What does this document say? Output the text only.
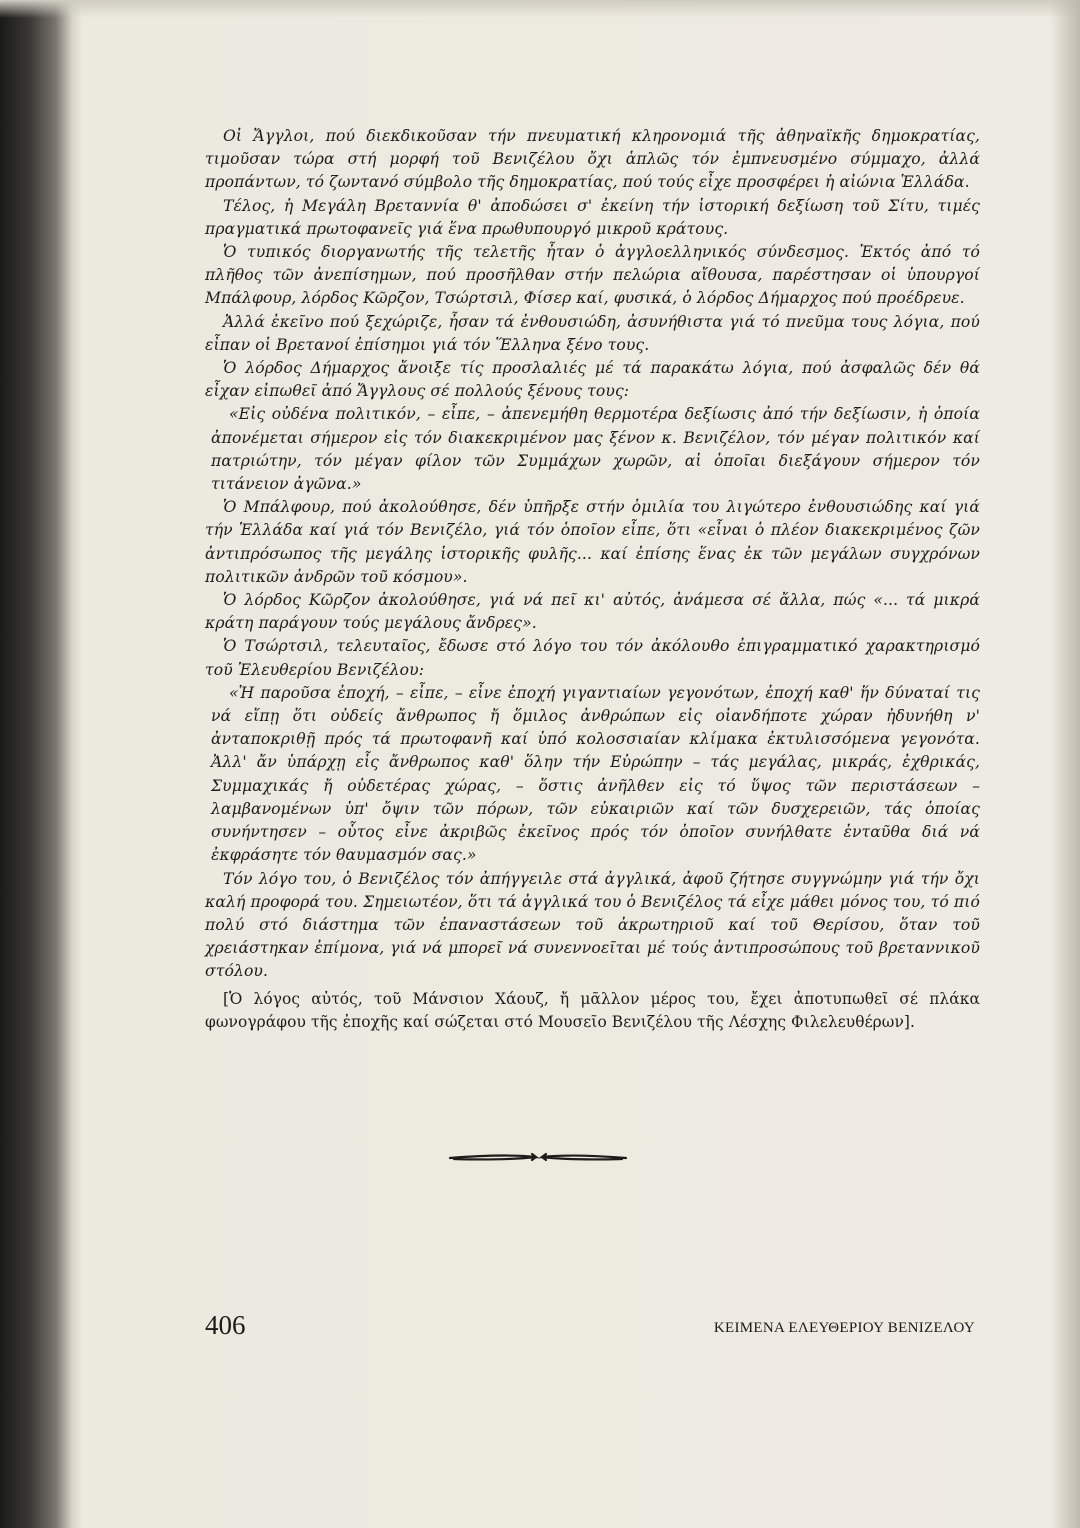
Οἱ Ἄγγλοι, πού διεκδικοῦσαν τήν πνευματική κληρονομιά τῆς ἀθηναϊκῆς δημοκρατίας, τιμοῦσαν τώρα στή μορφή τοῦ Βενιζέλου ὄχι ἁπλῶς τόν ἐμπνευσμένο σύμμαχο, ἀλλά προπάντων, τό ζωντανό σύμβολο τῆς δημοκρατίας, πού τούς εἶχε προσφέρει ἡ αἰώνια Ἑλλάδα.

Τέλος, ἡ Μεγάλη Βρεταννία θ' ἀποδώσει σ' ἐκείνη τήν ἱστορική δεξίωση τοῦ Σίτυ, τιμές πραγματικά πρωτοφανεῖς γιά ἕνα πρωθυπουργό μικροῦ κράτους.

Ὁ τυπικός διοργανωτής τῆς τελετῆς ἦταν ὁ ἀγγλοελληνικός σύνδεσμος. Ἐκτός ἀπό τό πλῆθος τῶν ἀνεπίσημων, πού προσῆλθαν στήν πελώρια αἴθουσα, παρέστησαν οἱ ὑπουργοί Μπάλφουρ, λόρδος Κῶρζον, Τσώρτσιλ, Φίσερ καί, φυσικά, ὁ λόρδος Δήμαρχος πού προέδρευε.

Ἀλλά ἐκεῖνο πού ξεχώριζε, ἦσαν τά ἐνθουσιώδη, ἀσυνήθιστα γιά τό πνεῦμα τους λόγια, πού εἶπαν οἱ Βρετανοί ἐπίσημοι γιά τόν Ἕλληνα ξένο τους.

Ὁ λόρδος Δήμαρχος ἄνοιξε τίς προσλαλιές μέ τά παρακάτω λόγια, πού ἀσφαλῶς δέν θά εἶχαν εἰπωθεῖ ἀπό Ἄγγλους σέ πολλούς ξένους τους:

«Εἰς οὐδένα πολιτικόν, – εἶπε, – ἀπενεμήθη θερμοτέρα δεξίωσις ἀπό τήν δεξίωσιν, ἡ ὁποία ἀπονέμεται σήμερον εἰς τόν διακεκριμένον μας ξένον κ. Βενιζέλον, τόν μέγαν πολιτικόν καί πατριώτην, τόν μέγαν φίλον τῶν Συμμάχων χωρῶν, αἱ ὁποῖαι διεξάγουν σήμερον τόν τιτάνειον ἀγῶνα.»

Ὁ Μπάλφουρ, πού ἀκολούθησε, δέν ὑπῆρξε στήν ὁμιλία του λιγώτερο ἐνθουσιώδης καί γιά τήν Ἑλλάδα καί γιά τόν Βενιζέλο, γιά τόν ὁποῖον εἶπε, ὅτι «εἶναι ὁ πλέον διακεκριμένος ζῶν ἀντιπρόσωπος τῆς μεγάλης ἱστορικῆς φυλῆς... καί ἐπίσης ἕνας ἐκ τῶν μεγάλων συγχρόνων πολιτικῶν ἀνδρῶν τοῦ κόσμου».

Ὁ λόρδος Κῶρζον ἀκολούθησε, γιά νά πεῖ κι' αὐτός, ἀνάμεσα σέ ἄλλα, πώς «... τά μικρά κράτη παράγουν τούς μεγάλους ἄνδρες».

Ὁ Τσώρτσιλ, τελευταῖος, ἔδωσε στό λόγο του τόν ἀκόλουθο ἐπιγραμματικό χαρακτηρισμό τοῦ Ἐλευθερίου Βενιζέλου:

«Ἡ παροῦσα ἐποχή, – εἶπε, – εἶνε ἐποχή γιγαντιαίων γεγονότων, ἐποχή καθ' ἥν δύναταί τις νά εἴπῃ ὅτι οὐδείς ἄνθρωπος ἤ ὅμιλος ἀνθρώπων εἰς οἱανδήποτε χώραν ἠδυνήθη ν' ἀνταποκριθῇ πρός τά πρωτοφανῆ καί ὑπό κολοσσιαίαν κλίμακα ἐκτυλισσόμενα γεγονότα. Ἀλλ' ἄν ὑπάρχῃ εἷς ἄνθρωπος καθ' ὅλην τήν Εὐρώπην – τάς μεγάλας, μικράς, ἐχθρικάς, Συμμαχικάς ἤ οὐδετέρας χώρας, – ὅστις ἀνῆλθεν εἰς τό ὕψος τῶν περιστάσεων – λαμβανομένων ὑπ' ὄψιν τῶν πόρων, τῶν εὐκαιριῶν καί τῶν δυσχερειῶν, τάς ὁποίας συνήντησεν – οὗτος εἶνε ἀκριβῶς ἐκεῖνος πρός τόν ὁποῖον συνήλθατε ἐνταῦθα διά νά ἐκφράσητε τόν θαυμασμόν σας.»

Τόν λόγο του, ὁ Βενιζέλος τόν ἀπήγγειλε στά ἀγγλικά, ἀφοῦ ζήτησε συγγνώμην γιά τήν ὄχι καλή προφορά του. Σημειωτέον, ὅτι τά ἀγγλικά του ὁ Βενιζέλος τά εἶχε μάθει μόνος του, τό πιό πολύ στό διάστημα τῶν ἐπαναστάσεων τοῦ ἀκρωτηριοῦ καί τοῦ Θερίσου, ὅταν τοῦ χρειάστηκαν ἐπίμονα, γιά νά μπορεῖ νά συνεννοεῖται μέ τούς ἀντιπροσώπους τοῦ βρεταννικοῦ στόλου.

[Ὁ λόγος αὐτός, τοῦ Μάνσιον Χάουζ, ἤ μᾶλλον μέρος του, ἔχει ἀποτυπωθεῖ σέ πλάκα φωνογράφου τῆς ἐποχῆς καί σώζεται στό Μουσεῖο Βενιζέλου τῆς Λέσχης Φιλελευθέρων].

406	ΚΕΙΜΕΝΑ ΕΛΕΥΘΕΡΙΟΥ ΒΕΝΙΖΕΛΟΥ
